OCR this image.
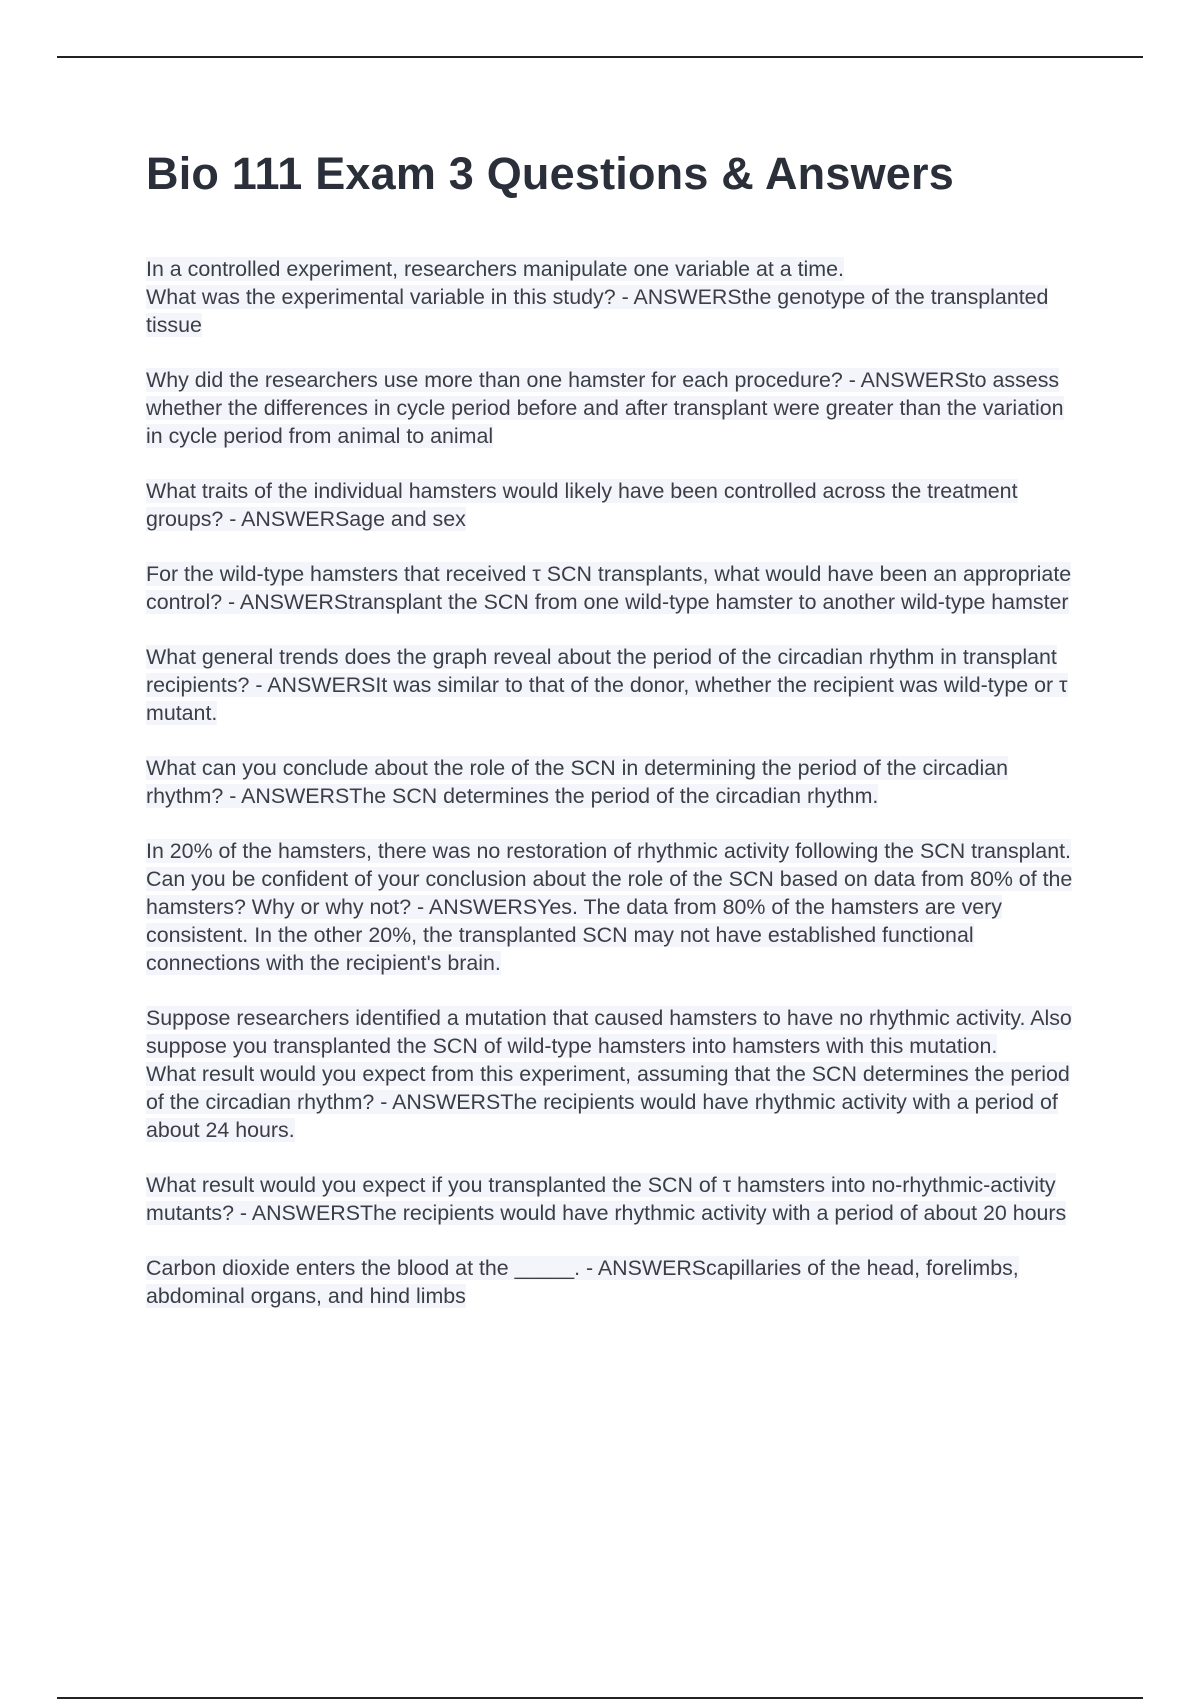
Bio 111 Exam 3 Questions & Answers
In a controlled experiment, researchers manipulate one variable at a time.
What was the experimental variable in this study? - ANSWERSthe genotype of the transplanted tissue
Why did the researchers use more than one hamster for each procedure? - ANSWERSto assess whether the differences in cycle period before and after transplant were greater than the variation in cycle period from animal to animal
What traits of the individual hamsters would likely have been controlled across the treatment groups? - ANSWERSage and sex
For the wild-type hamsters that received τ SCN transplants, what would have been an appropriate control? - ANSWERStransplant the SCN from one wild-type hamster to another wild-type hamster
What general trends does the graph reveal about the period of the circadian rhythm in transplant recipients? - ANSWERSIt was similar to that of the donor, whether the recipient was wild-type or τ mutant.
What can you conclude about the role of the SCN in determining the period of the circadian rhythm? - ANSWERSThe SCN determines the period of the circadian rhythm.
In 20% of the hamsters, there was no restoration of rhythmic activity following the SCN transplant.
Can you be confident of your conclusion about the role of the SCN based on data from 80% of the hamsters? Why or why not? - ANSWERSYes. The data from 80% of the hamsters are very consistent. In the other 20%, the transplanted SCN may not have established functional connections with the recipient's brain.
Suppose researchers identified a mutation that caused hamsters to have no rhythmic activity. Also suppose you transplanted the SCN of wild-type hamsters into hamsters with this mutation.
What result would you expect from this experiment, assuming that the SCN determines the period of the circadian rhythm? - ANSWERSThe recipients would have rhythmic activity with a period of about 24 hours.
What result would you expect if you transplanted the SCN of τ hamsters into no-rhythmic-activity mutants? - ANSWERSThe recipients would have rhythmic activity with a period of about 20 hours
Carbon dioxide enters the blood at the _____. - ANSWERScapillaries of the head, forelimbs, abdominal organs, and hind limbs
